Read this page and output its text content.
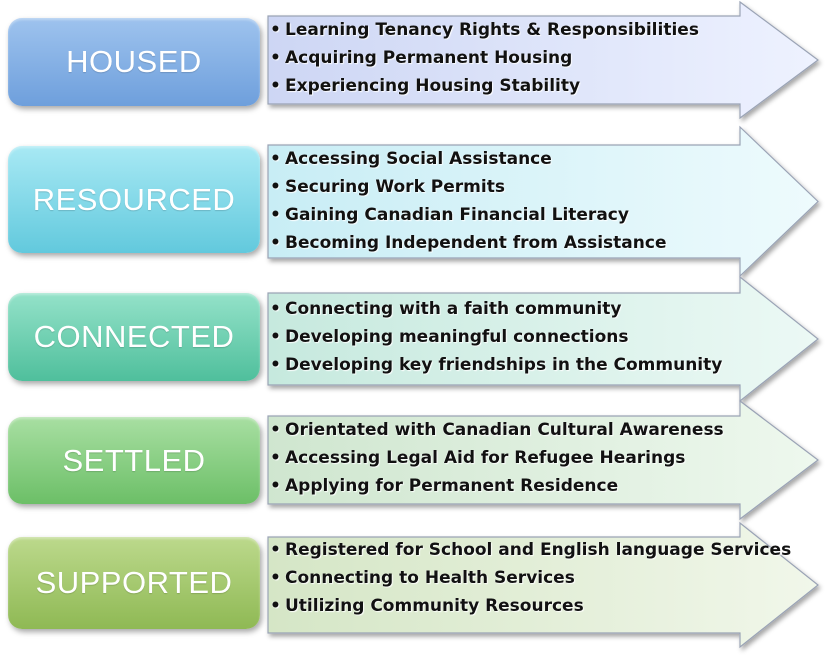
HOUSED
• Learning Tenancy Rights & Responsibilities
• Acquiring Permanent Housing
• Experiencing Housing Stability
RESOURCED
• Accessing Social Assistance
• Securing Work Permits
• Gaining Canadian Financial Literacy
• Becoming Independent from Assistance
CONNECTED
• Connecting with a faith community
• Developing meaningful connections
• Developing key friendships in the Community
SETTLED
• Orientated with Canadian Cultural Awareness
• Accessing Legal Aid for Refugee Hearings
• Applying for Permanent Residence
SUPPORTED
• Registered for School and English language Services
• Connecting to Health Services
• Utilizing Community Resources
